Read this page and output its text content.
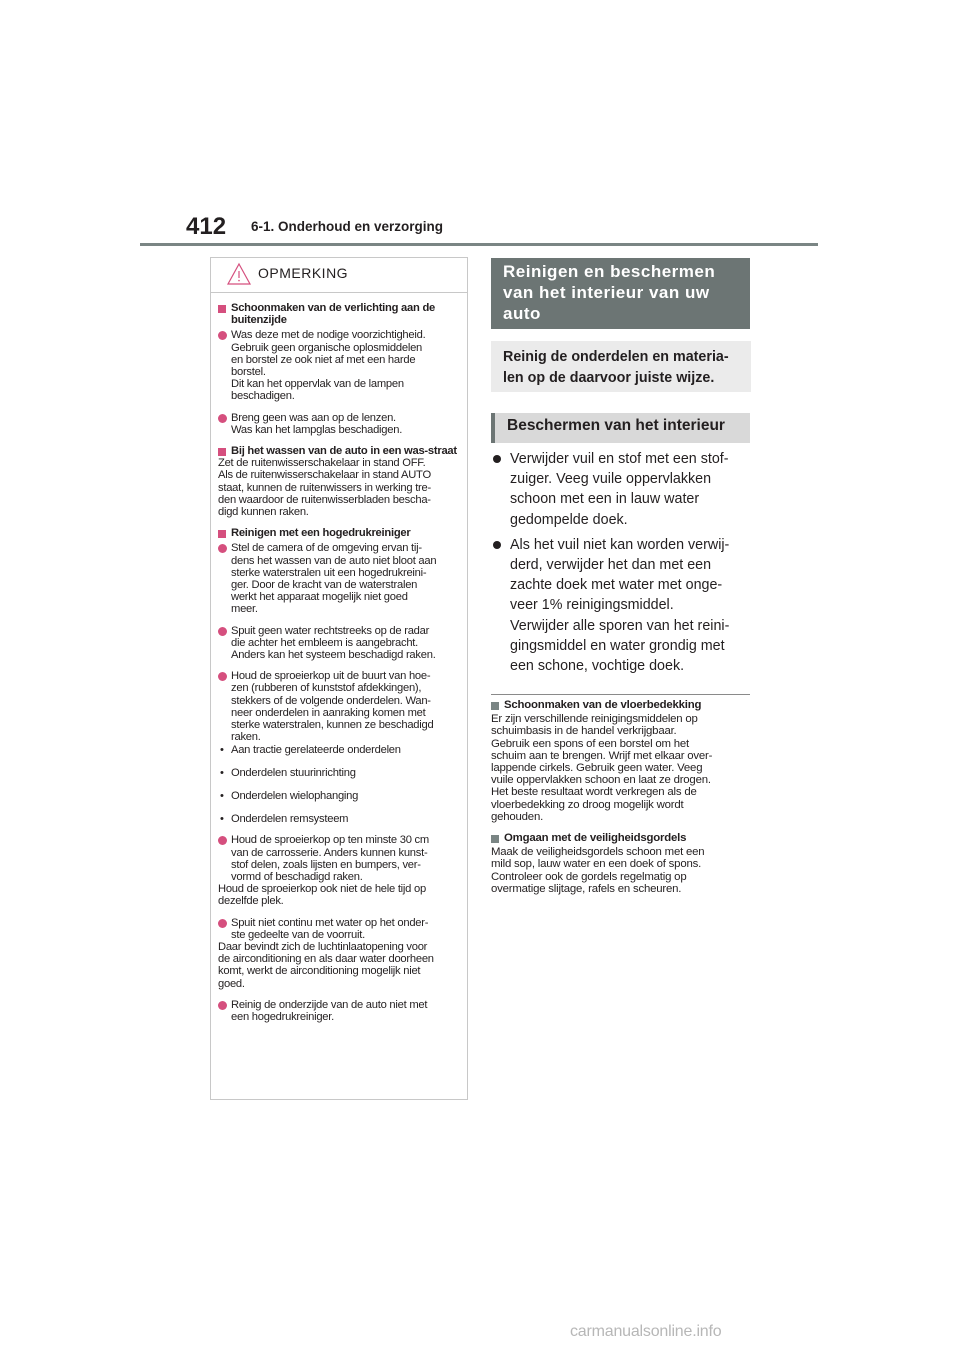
412 6-1. Onderhoud en verzorging
OPMERKING
Schoonmaken van de verlichting aan de buitenzijde
Was deze met de nodige voorzichtigheid.
Gebruik geen organische oplosmiddelen
en borstel ze ook niet af met een harde
borstel.
Dit kan het oppervlak van de lampen
beschadigen.
Breng geen was aan op de lenzen.
Was kan het lampglas beschadigen.
Bij het wassen van de auto in een was-straat
Zet de ruitenwisserschakelaar in stand OFF.
Als de ruitenwisserschakelaar in stand AUTO
staat, kunnen de ruitenwissers in werking tre-
den waardoor de ruitenwisserbladen bescha-
digd kunnen raken.
Reinigen met een hogedrukreiniger
Stel de camera of de omgeving ervan tij-
dens het wassen van de auto niet bloot aan
sterke waterstralen uit een hogedrukreini-
ger. Door de kracht van de waterstralen
werkt het apparaat mogelijk niet goed
meer.
Spuit geen water rechtstreeks op de radar
die achter het embleem is aangebracht.
Anders kan het systeem beschadigd raken.
Houd de sproeierkop uit de buurt van hoe-
zen (rubberen of kunststof afdekkingen),
stekkers of de volgende onderdelen. Wan-
neer onderdelen in aanraking komen met
sterke waterstralen, kunnen ze beschadigd
raken.
• Aan tractie gerelateerde onderdelen
• Onderdelen stuurinrichting
• Onderdelen wielophanging
• Onderdelen remsysteem
Houd de sproeierkop op ten minste 30 cm
van de carrosserie. Anders kunnen kunst-
stof delen, zoals lijsten en bumpers, ver-
vormd of beschadigd raken.
Houd de sproeierkop ook niet de hele tijd op
dezelfde plek.
Spuit niet continu met water op het onder-
ste gedeelte van de voorruit.
Daar bevindt zich de luchtinlaatopening voor
de airconditioning en als daar water doorheen
komt, werkt de airconditioning mogelijk niet
goed.
Reinig de onderzijde van de auto niet met
een hogedrukreiniger.
Reinigen en beschermen van het interieur van uw auto
Reinig de onderdelen en materia-
len op de daarvoor juiste wijze.
Beschermen van het interieur
Verwijder vuil en stof met een stof-
zuiger. Veeg vuile oppervlakken
schoon met een in lauw water
gedompelde doek.
Als het vuil niet kan worden verwij-
derd, verwijder het dan met een
zachte doek met water met onge-
veer 1% reinigingsmiddel.
Verwijder alle sporen van het reini-
gingsmiddel en water grondig met
een schone, vochtige doek.
Schoonmaken van de vloerbedekking
Er zijn verschillende reinigingsmiddelen op
schuimbasis in de handel verkrijgbaar.
Gebruik een spons of een borstel om het
schuim aan te brengen. Wrijf met elkaar over-
lappende cirkels. Gebruik geen water. Veeg
vuile oppervlakken schoon en laat ze drogen.
Het beste resultaat wordt verkregen als de
vloerbedekking zo droog mogelijk wordt
gehouden.
Omgaan met de veiligheidsgordels
Maak de veiligheidsgordels schoon met een
mild sop, lauw water en een doek of spons.
Controleer ook de gordels regelmatig op
overmatige slijtage, rafels en scheuren.
carmanualsonline.info
